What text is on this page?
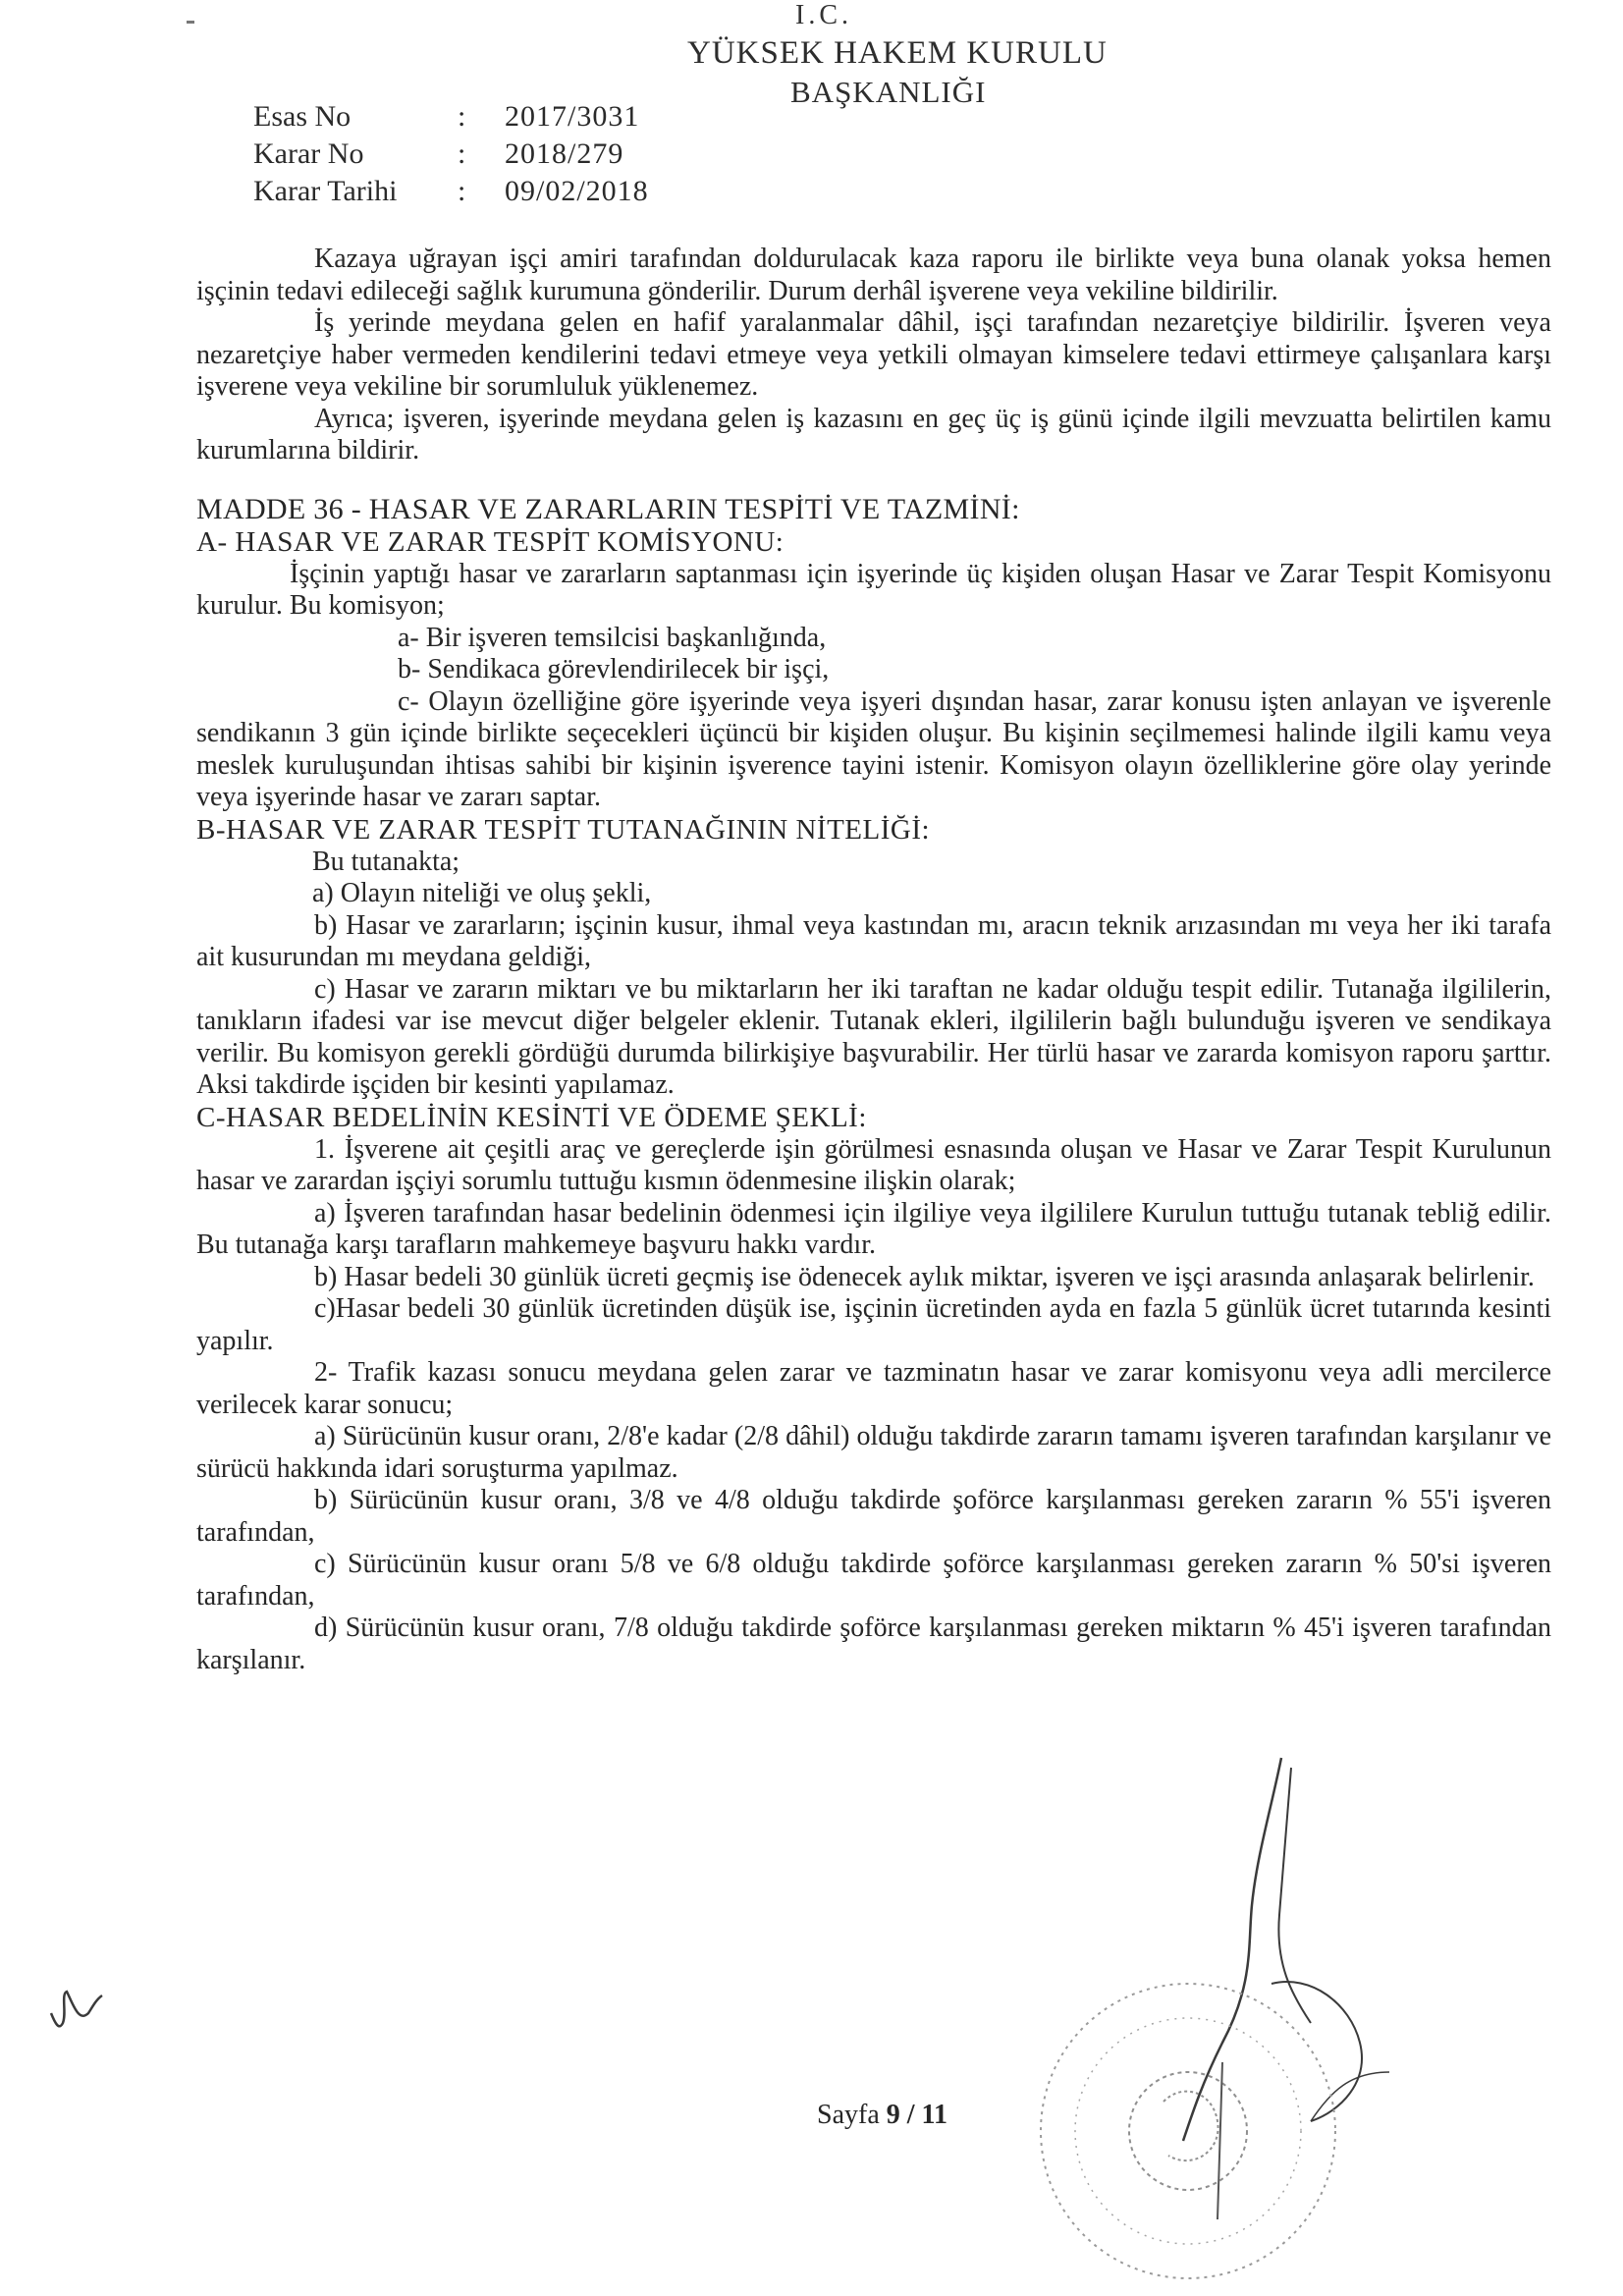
I.C.
YÜKSEK HAKEM KURULU
BAŞKANLIĞI
Esas No	:	2017/3031
Karar No	:	2018/279
Karar Tarihi	:	09/02/2018

Kazaya uğrayan işçi amiri tarafından doldurulacak kaza raporu ile birlikte veya buna olanak yoksa hemen işçinin tedavi edileceği sağlık kurumuna gönderilir. Durum derhâl işverene veya vekiline bildirilir.

İş yerinde meydana gelen en hafif yaralanmalar dâhil, işçi tarafından nezaretçiye bildirilir. İşveren veya nezaretçiye haber vermeden kendilerini tedavi etmeye veya yetkili olmayan kimselere tedavi ettirmeye çalışanlara karşı işverene veya vekiline bir sorumluluk yüklenemez.

Ayrıca; işveren, işyerinde meydana gelen iş kazasını en geç üç iş günü içinde ilgili mevzuatta belirtilen kamu kurumlarına bildirir.

MADDE 36 - HASAR VE ZARARLARIN TESPİTİ VE TAZMİNİ:

A- HASAR VE ZARAR TESPİT KOMİSYONU:

İşçinin yaptığı hasar ve zararların saptanması için işyerinde üç kişiden oluşan Hasar ve Zarar Tespit Komisyonu kurulur. Bu komisyon;

a- Bir işveren temsilcisi başkanlığında,

b- Sendikaca görevlendirilecek bir işçi,

c- Olayın özelliğine göre işyerinde veya işyeri dışından hasar, zarar konusu işten anlayan ve işverenle sendikanın 3 gün içinde birlikte seçecekleri üçüncü bir kişiden oluşur. Bu kişinin seçilmemesi halinde ilgili kamu veya meslek kuruluşundan ihtisas sahibi bir kişinin işverence tayini istenir. Komisyon olayın özelliklerine göre olay yerinde veya işyerinde hasar ve zararı saptar.

B-HASAR VE ZARAR TESPİT TUTANAĞININ NİTELİĞİ:

Bu tutanakta;

a) Olayın niteliği ve oluş şekli,

b) Hasar ve zararların; işçinin kusur, ihmal veya kastından mı, aracın teknik arızasından mı veya her iki tarafa ait kusurundan mı meydana geldiği,

c) Hasar ve zararın miktarı ve bu miktarların her iki taraftan ne kadar olduğu tespit edilir. Tutanağa ilgililerin, tanıkların ifadesi var ise mevcut diğer belgeler eklenir. Tutanak ekleri, ilgililerin bağlı bulunduğu işveren ve sendikaya verilir. Bu komisyon gerekli gördüğü durumda bilirkişiye başvurabilir. Her türlü hasar ve zararda komisyon raporu şarttır. Aksi takdirde işçiden bir kesinti yapılamaz.

C-HASAR BEDELİNİN KESİNTİ VE ÖDEME ŞEKLİ:

1. İşverene ait çeşitli araç ve gereçlerde işin görülmesi esnasında oluşan ve Hasar ve Zarar Tespit Kurulunun hasar ve zarardan işçiyi sorumlu tuttuğu kısmın ödenmesine ilişkin olarak;

a) İşveren tarafından hasar bedelinin ödenmesi için ilgiliye veya ilgililere Kurulun tuttuğu tutanak tebliğ edilir. Bu tutanağa karşı tarafların mahkemeye başvuru hakkı vardır.

b) Hasar bedeli 30 günlük ücreti geçmiş ise ödenecek aylık miktar, işveren ve işçi arasında anlaşarak belirlenir.

c)Hasar bedeli 30 günlük ücretinden düşük ise, işçinin ücretinden ayda en fazla 5 günlük ücret tutarında kesinti yapılır.

2- Trafik kazası sonucu meydana gelen zarar ve tazminatın hasar ve zarar komisyonu veya adli mercilerce verilecek karar sonucu;

a) Sürücünün kusur oranı, 2/8'e kadar (2/8 dâhil) olduğu takdirde zararın tamamı işveren tarafından karşılanır ve sürücü hakkında idari soruşturma yapılmaz.

b) Sürücünün kusur oranı, 3/8 ve 4/8 olduğu takdirde şoförce karşılanması gereken zararın % 55'i işveren tarafından,

c) Sürücünün kusur oranı 5/8 ve 6/8 olduğu takdirde şoförce karşılanması gereken zararın % 50'si işveren tarafından,

d) Sürücünün kusur oranı, 7/8 olduğu takdirde şoförce karşılanması gereken miktarın % 45'i işveren tarafından karşılanır.

Sayfa 9 / 11
